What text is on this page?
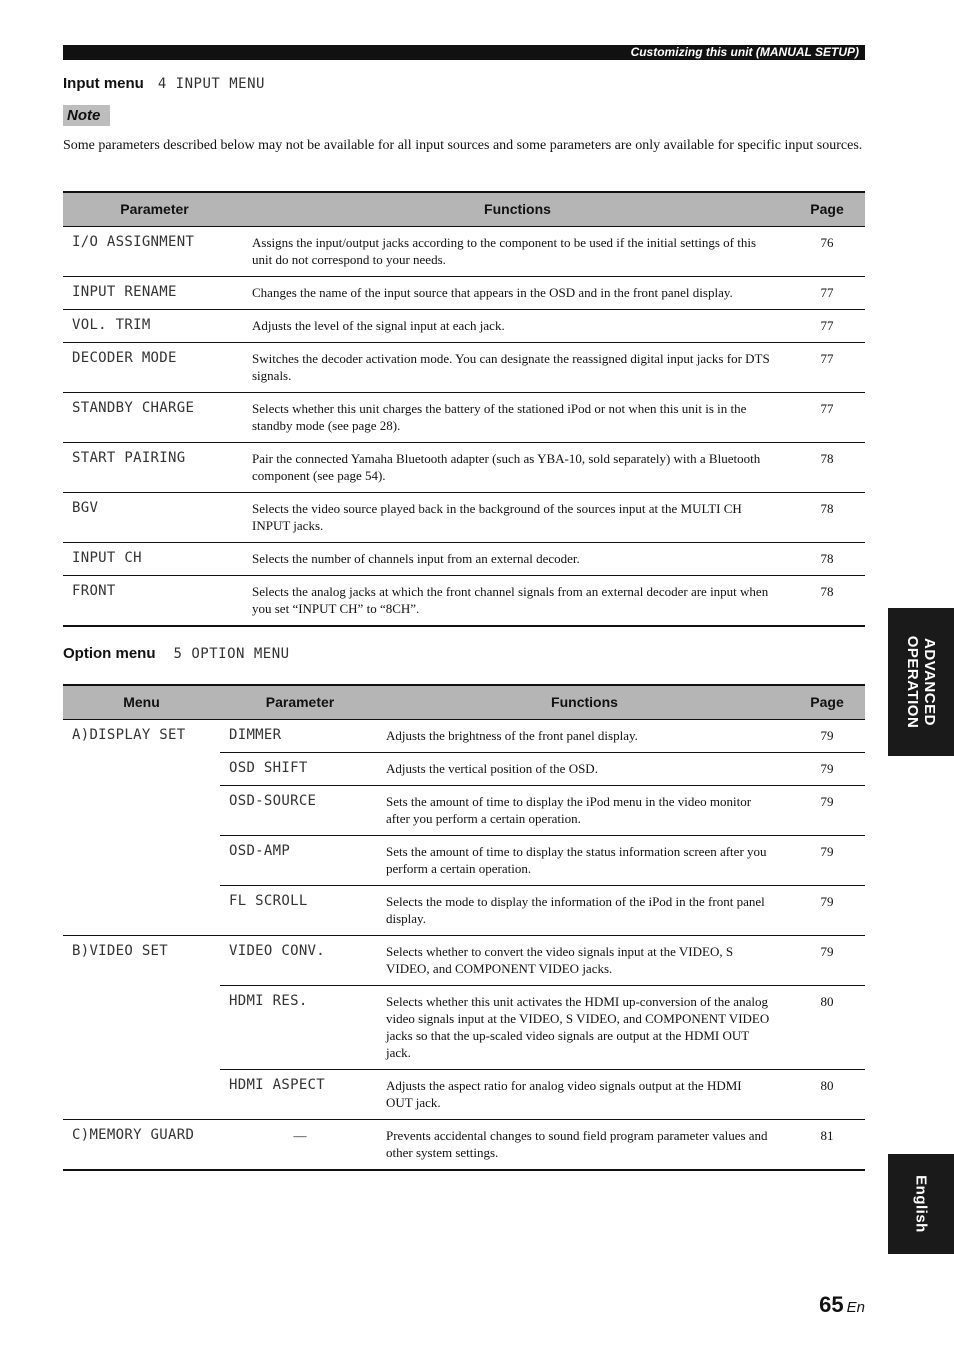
Customizing this unit (MANUAL SETUP)
Input menu 4 INPUT MENU
Note
Some parameters described below may not be available for all input sources and some parameters are only available for specific input sources.
Parameter	Functions	Page
I/O ASSIGNMENT	Assigns the input/output jacks according to the component to be used if the initial settings of this unit do not correspond to your needs.	76
INPUT RENAME	Changes the name of the input source that appears in the OSD and in the front panel display.	77
VOL. TRIM	Adjusts the level of the signal input at each jack.	77
DECODER MODE	Switches the decoder activation mode. You can designate the reassigned digital input jacks for DTS signals.	77
STANDBY CHARGE	Selects whether this unit charges the battery of the stationed iPod or not when this unit is in the standby mode (see page 28).	77
START PAIRING	Pair the connected Yamaha Bluetooth adapter (such as YBA-10, sold separately) with a Bluetooth component (see page 54).	78
BGV	Selects the video source played back in the background of the sources input at the MULTI CH INPUT jacks.	78
INPUT CH	Selects the number of channels input from an external decoder.	78
FRONT	Selects the analog jacks at which the front channel signals from an external decoder are input when you set “INPUT CH” to “8CH”.	78
Option menu 5 OPTION MENU
Menu	Parameter	Functions	Page
A)DISPLAY SET	DIMMER	Adjusts the brightness of the front panel display.	79
	OSD SHIFT	Adjusts the vertical position of the OSD.	79
	OSD-SOURCE	Sets the amount of time to display the iPod menu in the video monitor after you perform a certain operation.	79
	OSD-AMP	Sets the amount of time to display the status information screen after you perform a certain operation.	79
	FL SCROLL	Selects the mode to display the information of the iPod in the front panel display.	79
B)VIDEO SET	VIDEO CONV.	Selects whether to convert the video signals input at the VIDEO, S VIDEO, and COMPONENT VIDEO jacks.	79
	HDMI RES.	Selects whether this unit activates the HDMI up-conversion of the analog video signals input at the VIDEO, S VIDEO, and COMPONENT VIDEO jacks so that the up-scaled video signals are output at the HDMI OUT jack.	80
	HDMI ASPECT	Adjusts the aspect ratio for analog video signals output at the HDMI OUT jack.	80
C)MEMORY GUARD	—	Prevents accidental changes to sound field program parameter values and other system settings.	81
ADVANCED
OPERATION
English
65 En
